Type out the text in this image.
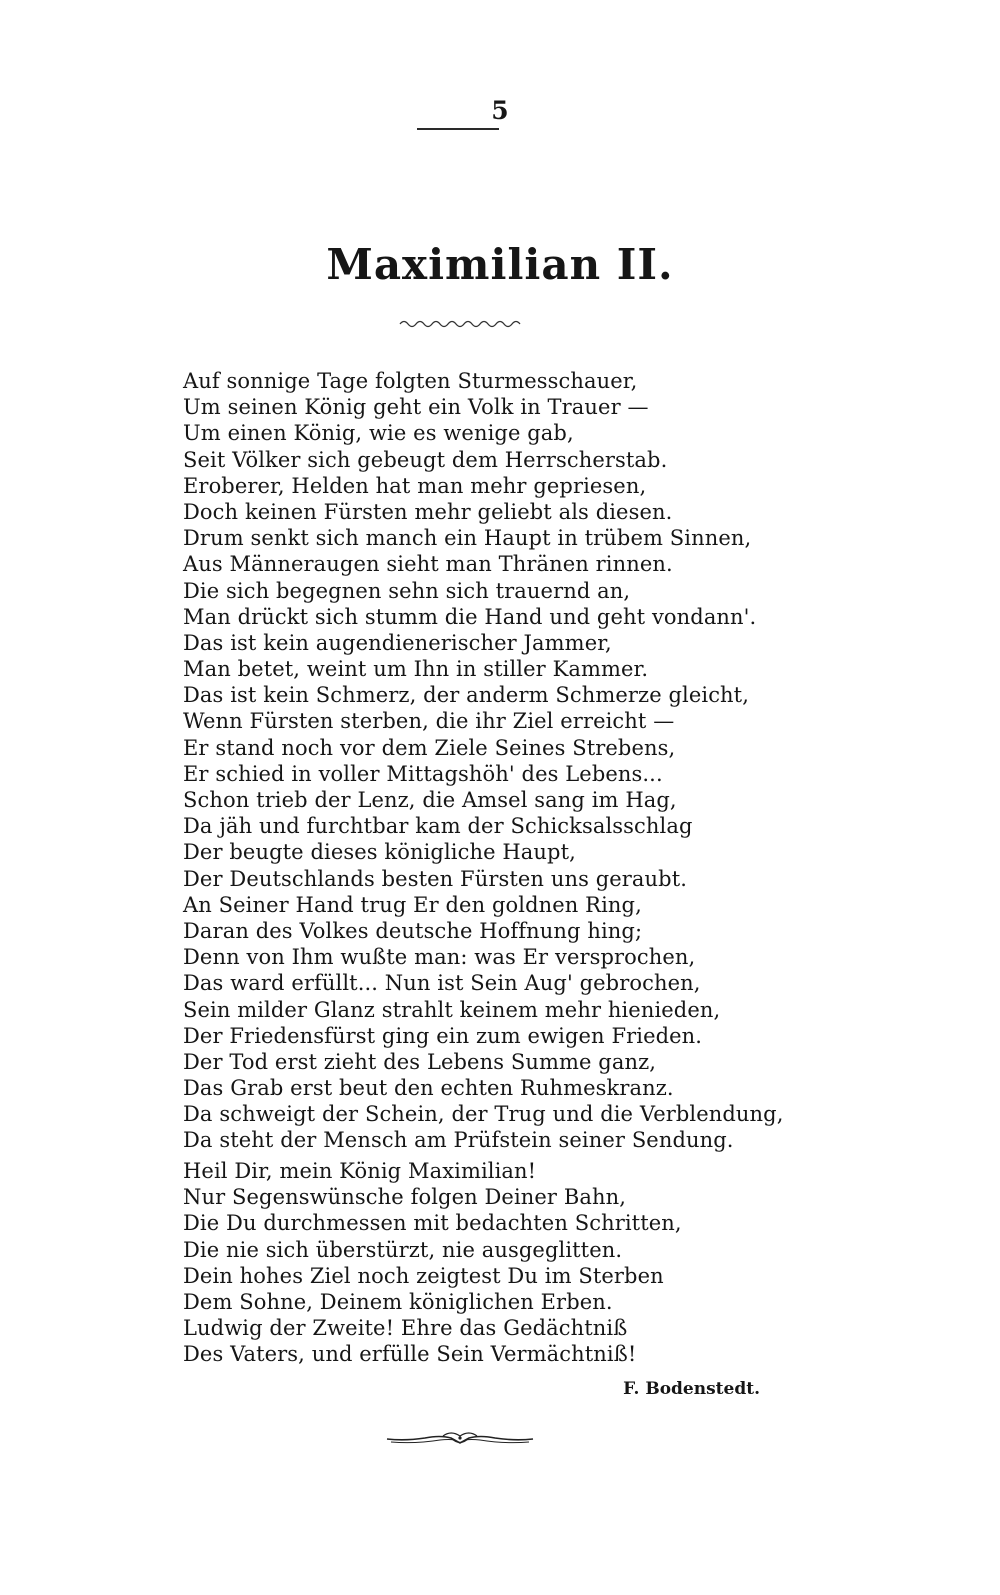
5
Maximilian II.
Auf sonnige Tage folgten Sturmesschauer,
Um seinen König geht ein Volk in Trauer —
Um einen König, wie es wenige gab,
Seit Völker sich gebeugt dem Herrscherstab.
Eroberer, Helden hat man mehr gepriesen,
Doch keinen Fürsten mehr geliebt als diesen.
Drum senkt sich manch ein Haupt in trübem Sinnen,
Aus Männeraugen sieht man Thränen rinnen.
Die sich begegnen sehn sich trauernd an,
Man drückt sich stumm die Hand und geht vondann'.
Das ist kein augendienerischer Jammer,
Man betet, weint um Ihn in stiller Kammer.
Das ist kein Schmerz, der anderm Schmerze gleicht,
Wenn Fürsten sterben, die ihr Ziel erreicht —
Er stand noch vor dem Ziele Seines Strebens,
Er schied in voller Mittagshöh' des Lebens...
Schon trieb der Lenz, die Amsel sang im Hag,
Da jäh und furchtbar kam der Schicksalsschlag
Der beugte dieses königliche Haupt,
Der Deutschlands besten Fürsten uns geraubt.
An Seiner Hand trug Er den goldnen Ring,
Daran des Volkes deutsche Hoffnung hing;
Denn von Ihm wußte man: was Er versprochen,
Das ward erfüllt... Nun ist Sein Aug' gebrochen,
Sein milder Glanz strahlt keinem mehr hienieden,
Der Friedensfürst ging ein zum ewigen Frieden.
Der Tod erst zieht des Lebens Summe ganz,
Das Grab erst beut den echten Ruhmeskranz.
Da schweigt der Schein, der Trug und die Verblendung,
Da steht der Mensch am Prüfstein seiner Sendung.
Heil Dir, mein König Maximilian!
Nur Segenswünsche folgen Deiner Bahn,
Die Du durchmessen mit bedachten Schritten,
Die nie sich überstürzt, nie ausgeglitten.
Dein hohes Ziel noch zeigtest Du im Sterben
Dem Sohne, Deinem königlichen Erben.
Ludwig der Zweite! Ehre das Gedächtniß
Des Vaters, und erfülle Sein Vermächtniß!
F. Bodenstedt.
